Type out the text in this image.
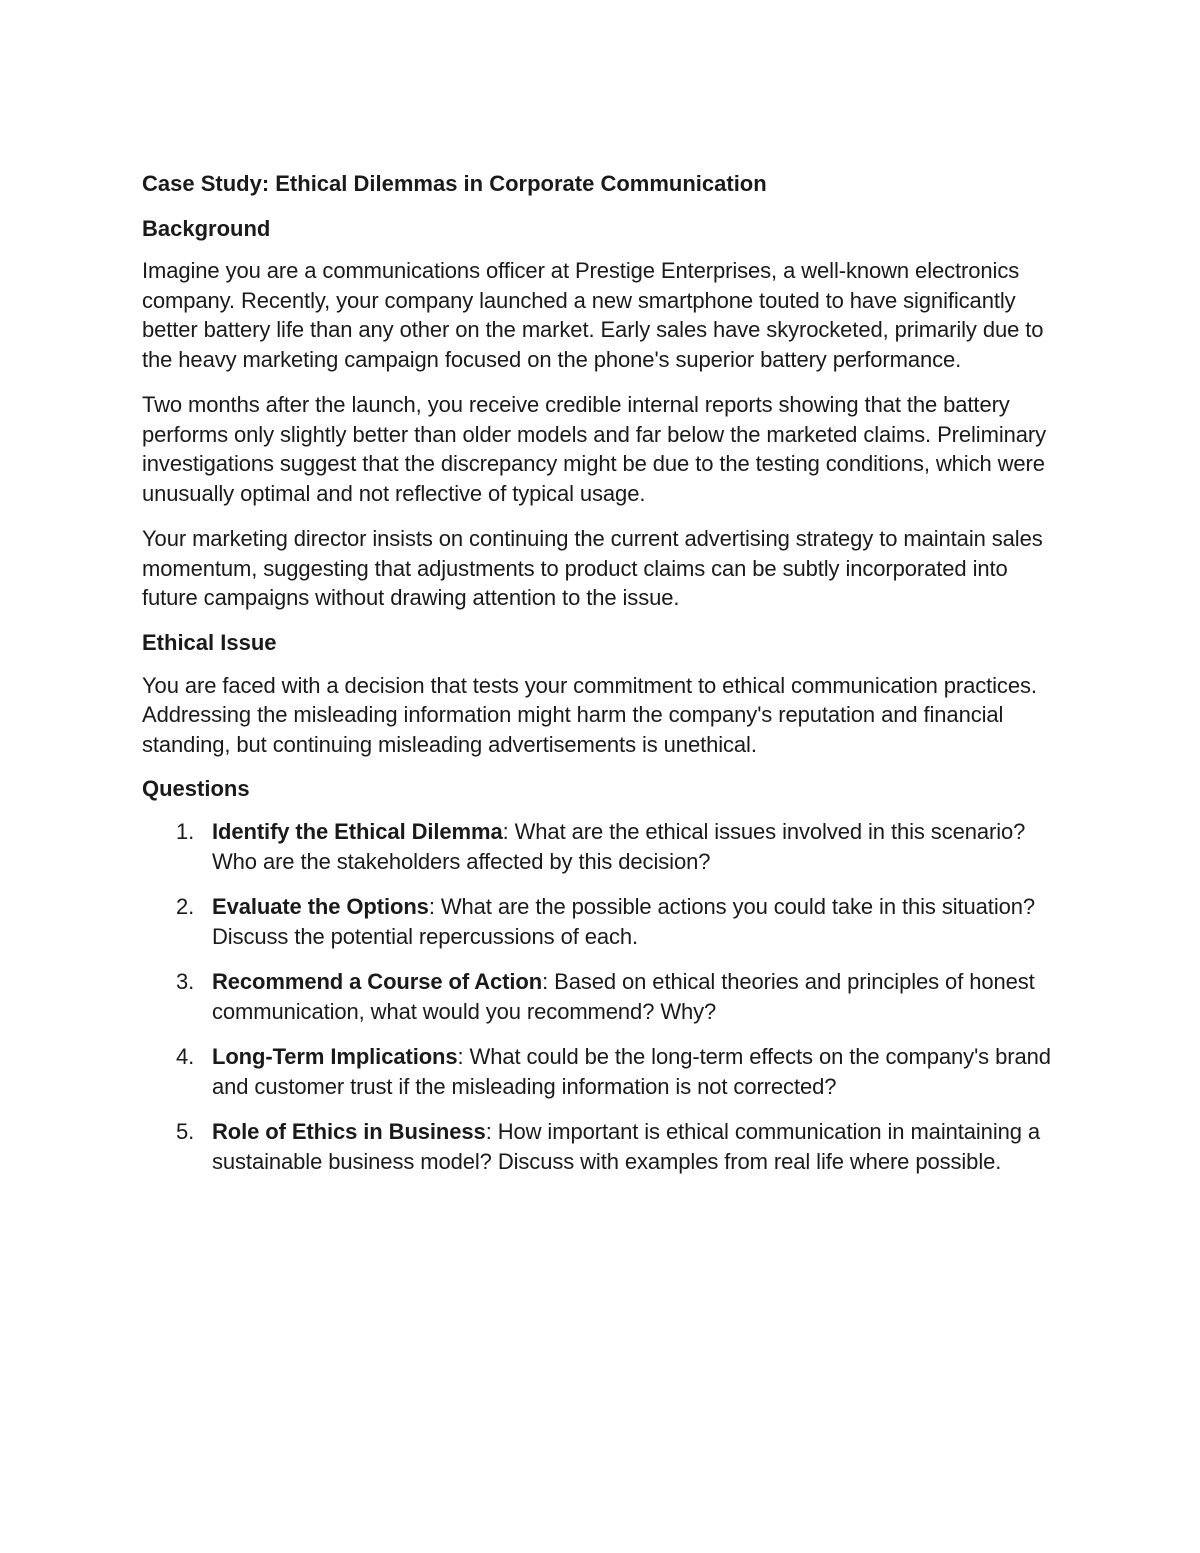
Case Study: Ethical Dilemmas in Corporate Communication
Background

Imagine you are a communications officer at Prestige Enterprises, a well-known electronics company. Recently, your company launched a new smartphone touted to have significantly better battery life than any other on the market. Early sales have skyrocketed, primarily due to the heavy marketing campaign focused on the phone's superior battery performance.

Two months after the launch, you receive credible internal reports showing that the battery performs only slightly better than older models and far below the marketed claims. Preliminary investigations suggest that the discrepancy might be due to the testing conditions, which were unusually optimal and not reflective of typical usage.

Your marketing director insists on continuing the current advertising strategy to maintain sales momentum, suggesting that adjustments to product claims can be subtly incorporated into future campaigns without drawing attention to the issue.

Ethical Issue

You are faced with a decision that tests your commitment to ethical communication practices. Addressing the misleading information might harm the company's reputation and financial standing, but continuing misleading advertisements is unethical.

Questions
1. Identify the Ethical Dilemma: What are the ethical issues involved in this scenario? Who are the stakeholders affected by this decision?
2. Evaluate the Options: What are the possible actions you could take in this situation? Discuss the potential repercussions of each.
3. Recommend a Course of Action: Based on ethical theories and principles of honest communication, what would you recommend? Why?
4. Long-Term Implications: What could be the long-term effects on the company's brand and customer trust if the misleading information is not corrected?
5. Role of Ethics in Business: How important is ethical communication in maintaining a sustainable business model? Discuss with examples from real life where possible.
